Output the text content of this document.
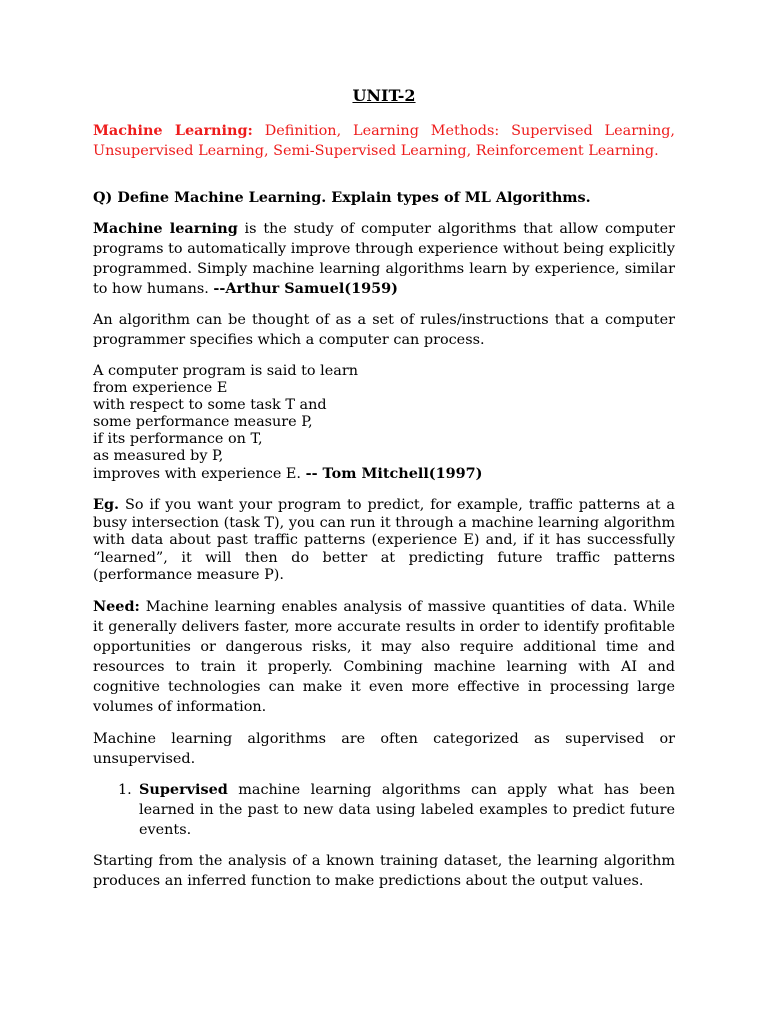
UNIT-2
Machine Learning: Definition, Learning Methods: Supervised Learning, Unsupervised Learning, Semi-Supervised Learning, Reinforcement Learning.
Q) Define Machine Learning. Explain types of ML Algorithms.
Machine learning is the study of computer algorithms that allow computer programs to automatically improve through experience without being explicitly programmed. Simply machine learning algorithms learn by experience, similar to how humans. --Arthur Samuel(1959)
An algorithm can be thought of as a set of rules/instructions that a computer programmer specifies which a computer can process.
A computer program is said to learn
from experience E
with respect to some task T and
some performance measure P,
if its performance on T,
as measured by P,
improves with experience E. -- Tom Mitchell(1997)
Eg. So if you want your program to predict, for example, traffic patterns at a busy intersection (task T), you can run it through a machine learning algorithm with data about past traffic patterns (experience E) and, if it has successfully “learned”, it will then do better at predicting future traffic patterns (performance measure P).
Need: Machine learning enables analysis of massive quantities of data. While it generally delivers faster, more accurate results in order to identify profitable opportunities or dangerous risks, it may also require additional time and resources to train it properly. Combining machine learning with AI and cognitive technologies can make it even more effective in processing large volumes of information.
Machine learning algorithms are often categorized as supervised or unsupervised.
1. Supervised machine learning algorithms can apply what has been learned in the past to new data using labeled examples to predict future events.
Starting from the analysis of a known training dataset, the learning algorithm produces an inferred function to make predictions about the output values.
